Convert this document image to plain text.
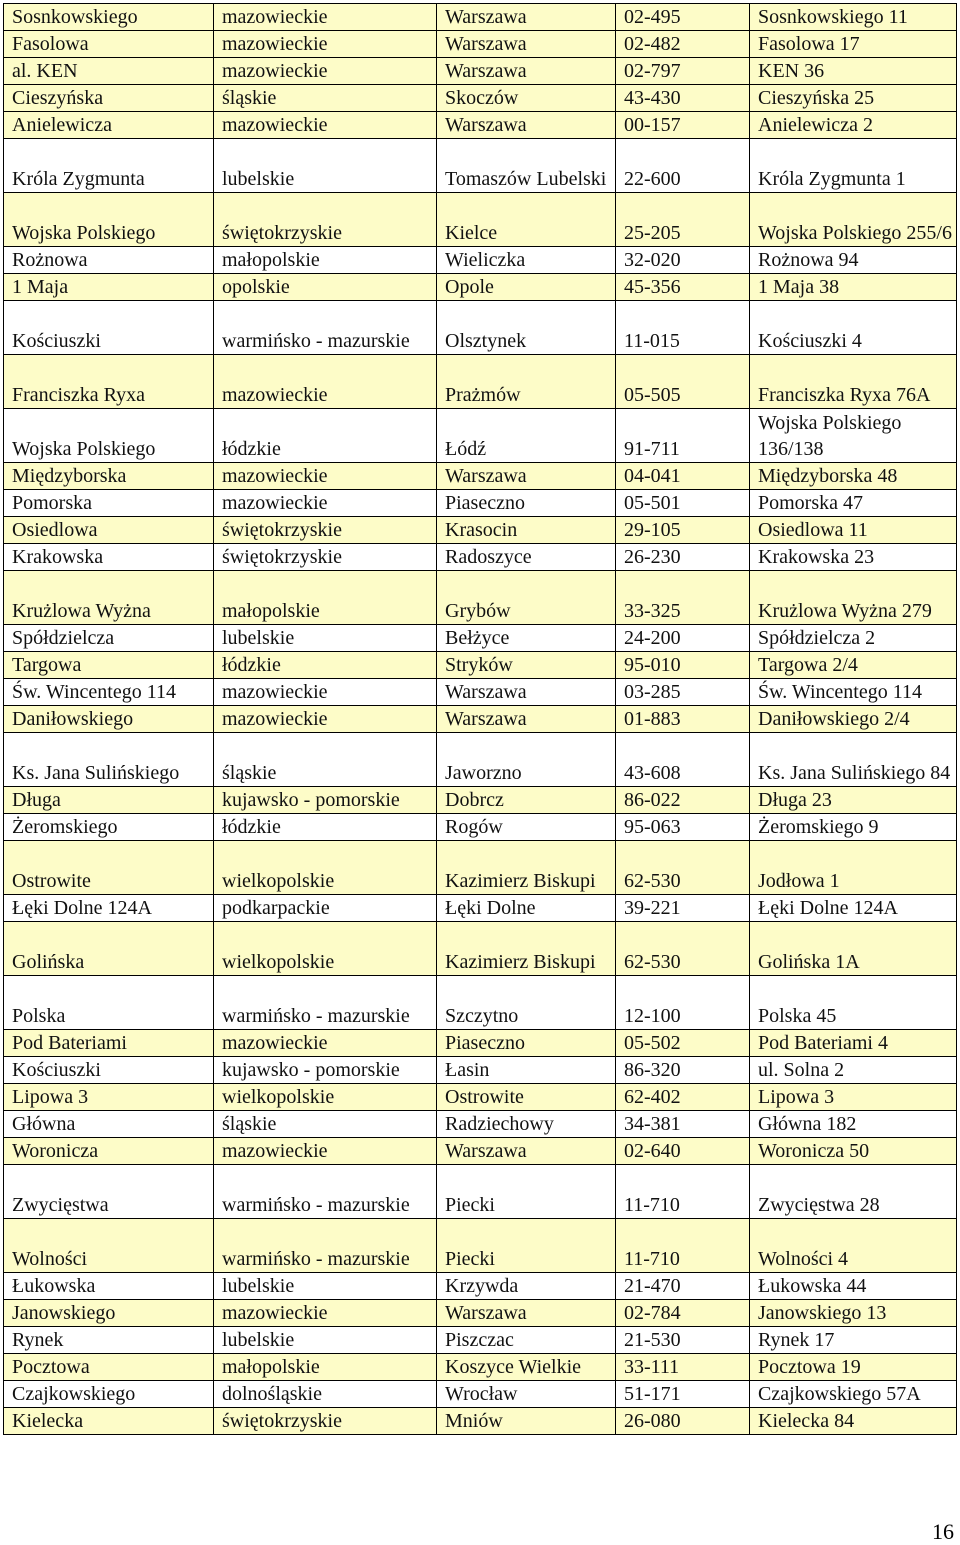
Sosnkowskiego	mazowieckie	Warszawa	02-495	Sosnkowskiego 11
Fasolowa	mazowieckie	Warszawa	02-482	Fasolowa 17
al. KEN	mazowieckie	Warszawa	02-797	KEN 36
Cieszyńska	śląskie	Skoczów	43-430	Cieszyńska 25
Anielewicza	mazowieckie	Warszawa	00-157	Anielewicza 2
Króla Zygmunta	lubelskie	Tomaszów Lubelski	22-600	Króla Zygmunta 1
Wojska Polskiego	świętokrzyskie	Kielce	25-205	Wojska Polskiego 255/6
Rożnowa	małopolskie	Wieliczka	32-020	Rożnowa 94
1 Maja	opolskie	Opole	45-356	1 Maja 38
Kościuszki	warmińsko - mazurskie	Olsztynek	11-015	Kościuszki 4
Franciszka Ryxa	mazowieckie	Prażmów	05-505	Franciszka Ryxa 76A
Wojska Polskiego	łódzkie	Łódź	91-711	Wojska Polskiego 136/138
Międzyborska	mazowieckie	Warszawa	04-041	Międzyborska 48
Pomorska	mazowieckie	Piaseczno	05-501	Pomorska 47
Osiedlowa	świętokrzyskie	Krasocin	29-105	Osiedlowa 11
Krakowska	świętokrzyskie	Radoszyce	26-230	Krakowska 23
Krużlowa Wyżna	małopolskie	Grybów	33-325	Krużlowa Wyżna 279
Spółdzielcza	lubelskie	Bełżyce	24-200	Spółdzielcza 2
Targowa	łódzkie	Stryków	95-010	Targowa 2/4
Św. Wincentego 114	mazowieckie	Warszawa	03-285	Św. Wincentego 114
Daniłowskiego	mazowieckie	Warszawa	01-883	Daniłowskiego 2/4
Ks. Jana Sulińskiego	śląskie	Jaworzno	43-608	Ks. Jana Sulińskiego 84
Długa	kujawsko - pomorskie	Dobrcz	86-022	Długa 23
Żeromskiego	łódzkie	Rogów	95-063	Żeromskiego 9
Ostrowite	wielkopolskie	Kazimierz Biskupi	62-530	Jodłowa 1
Łęki Dolne 124A	podkarpackie	Łęki Dolne	39-221	Łęki Dolne 124A
Golińska	wielkopolskie	Kazimierz Biskupi	62-530	Golińska 1A
Polska	warmińsko - mazurskie	Szczytno	12-100	Polska 45
Pod Bateriami	mazowieckie	Piaseczno	05-502	Pod Bateriami 4
Kościuszki	kujawsko - pomorskie	Łasin	86-320	ul. Solna 2
Lipowa 3	wielkopolskie	Ostrowite	62-402	Lipowa 3
Główna	śląskie	Radziechowy	34-381	Główna 182
Woronicza	mazowieckie	Warszawa	02-640	Woronicza 50
Zwycięstwa	warmińsko - mazurskie	Piecki	11-710	Zwycięstwa 28
Wolności	warmińsko - mazurskie	Piecki	11-710	Wolności 4
Łukowska	lubelskie	Krzywda	21-470	Łukowska 44
Janowskiego	mazowieckie	Warszawa	02-784	Janowskiego 13
Rynek	lubelskie	Piszczac	21-530	Rynek 17
Pocztowa	małopolskie	Koszyce Wielkie	33-111	Pocztowa 19
Czajkowskiego	dolnośląskie	Wrocław	51-171	Czajkowskiego 57A
Kielecka	świętokrzyskie	Mniów	26-080	Kielecka 84
16
